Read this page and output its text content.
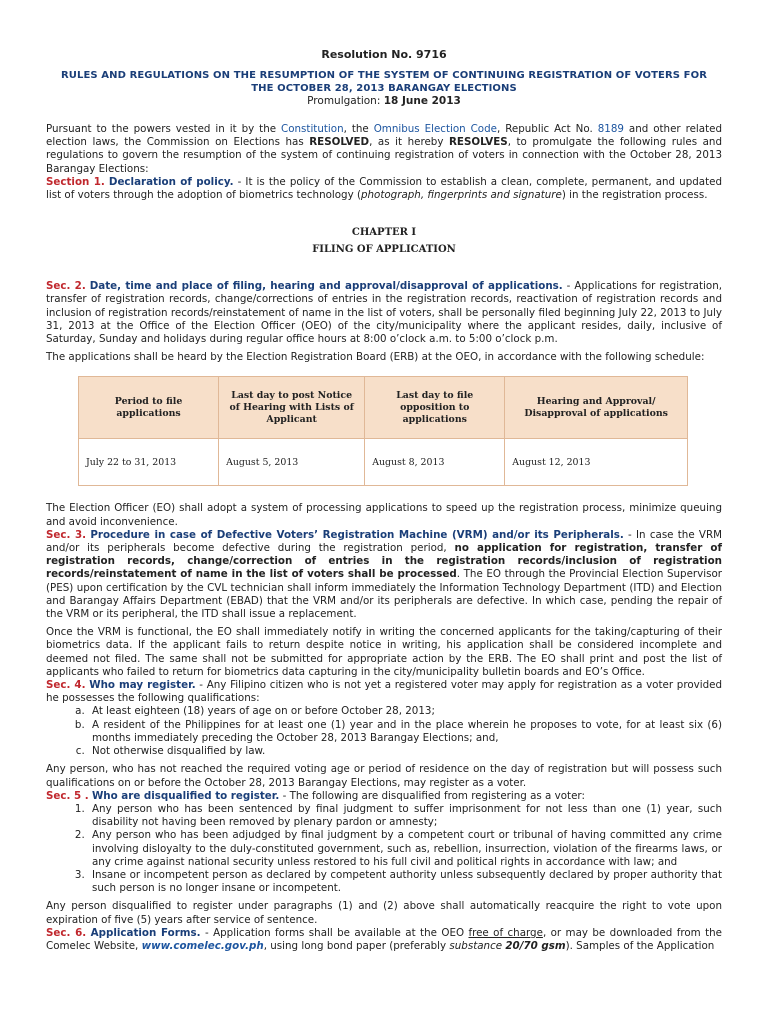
Resolution No. 9716
RULES AND REGULATIONS ON THE RESUMPTION OF THE SYSTEM OF CONTINUING REGISTRATION OF VOTERS FOR
THE OCTOBER 28, 2013 BARANGAY ELECTIONS
Promulgation: 18 June 2013

Pursuant to the powers vested in it by the Constitution, the Omnibus Election Code, Republic Act No. 8189 and other related election laws, the Commission on Elections has RESOLVED, as it hereby RESOLVES, to promulgate the following rules and regulations to govern the resumption of the system of continuing registration of voters in connection with the October 28, 2013 Barangay Elections:

Section 1. Declaration of policy. - It is the policy of the Commission to establish a clean, complete, permanent, and updated list of voters through the adoption of biometrics technology (photograph, fingerprints and signature) in the registration process.

CHAPTER I
FILING OF APPLICATION

Sec. 2. Date, time and place of filing, hearing and approval/disapproval of applications. - Applications for registration, transfer of registration records, change/corrections of entries in the registration records, reactivation of registration records and inclusion of registration records/reinstatement of name in the list of voters, shall be personally filed beginning July 22, 2013 to July 31, 2013 at the Office of the Election Officer (OEO) of the city/municipality where the applicant resides, daily, inclusive of Saturday, Sunday and holidays during regular office hours at 8:00 o’clock a.m. to 5:00 o’clock p.m.

The applications shall be heard by the Election Registration Board (ERB) at the OEO, in accordance with the following schedule:

Period to file applications	Last day to post Notice of Hearing with Lists of Applicant	Last day to file opposition to applications	Hearing and Approval/ Disapproval of applications
July 22 to 31, 2013	August 5, 2013	August 8, 2013	August 12, 2013

The Election Officer (EO) shall adopt a system of processing applications to speed up the registration process, minimize queuing and avoid inconvenience.

Sec. 3. Procedure in case of Defective Voters’ Registration Machine (VRM) and/or its Peripherals. - In case the VRM and/or its peripherals become defective during the registration period, no application for registration, transfer of registration records, change/correction of entries in the registration records/inclusion of registration records/reinstatement of name in the list of voters shall be processed. The EO through the Provincial Election Supervisor (PES) upon certification by the CVL technician shall inform immediately the Information Technology Department (ITD) and Election and Barangay Affairs Department (EBAD) that the VRM and/or its peripherals are defective. In which case, pending the repair of the VRM or its peripheral, the ITD shall issue a replacement.

Once the VRM is functional, the EO shall immediately notify in writing the concerned applicants for the taking/capturing of their biometrics data. If the applicant fails to return despite notice in writing, his application shall be considered incomplete and deemed not filed. The same shall not be submitted for appropriate action by the ERB. The EO shall print and post the list of applicants who failed to return for biometrics data capturing in the city/municipality bulletin boards and EO’s Office.

Sec. 4. Who may register. - Any Filipino citizen who is not yet a registered voter may apply for registration as a voter provided he possesses the following qualifications:

a. At least eighteen (18) years of age on or before October 28, 2013;
b. A resident of the Philippines for at least one (1) year and in the place wherein he proposes to vote, for at least six (6) months immediately preceding the October 28, 2013 Barangay Elections; and,
c. Not otherwise disqualified by law.

Any person, who has not reached the required voting age or period of residence on the day of registration but will possess such qualifications on or before the October 28, 2013 Barangay Elections, may register as a voter.

Sec. 5 . Who are disqualified to register. - The following are disqualified from registering as a voter:

1. Any person who has been sentenced by final judgment to suffer imprisonment for not less than one (1) year, such disability not having been removed by plenary pardon or amnesty;
2. Any person who has been adjudged by final judgment by a competent court or tribunal of having committed any crime involving disloyalty to the duly-constituted government, such as, rebellion, insurrection, violation of the firearms laws, or any crime against national security unless restored to his full civil and political rights in accordance with law; and
3. Insane or incompetent person as declared by competent authority unless subsequently declared by proper authority that such person is no longer insane or incompetent.

Any person disqualified to register under paragraphs (1) and (2) above shall automatically reacquire the right to vote upon expiration of five (5) years after service of sentence.

Sec. 6. Application Forms. - Application forms shall be available at the OEO free of charge, or may be downloaded from the Comelec Website, www.comelec.gov.ph, using long bond paper (preferably substance 20/70 gsm). Samples of the Application
